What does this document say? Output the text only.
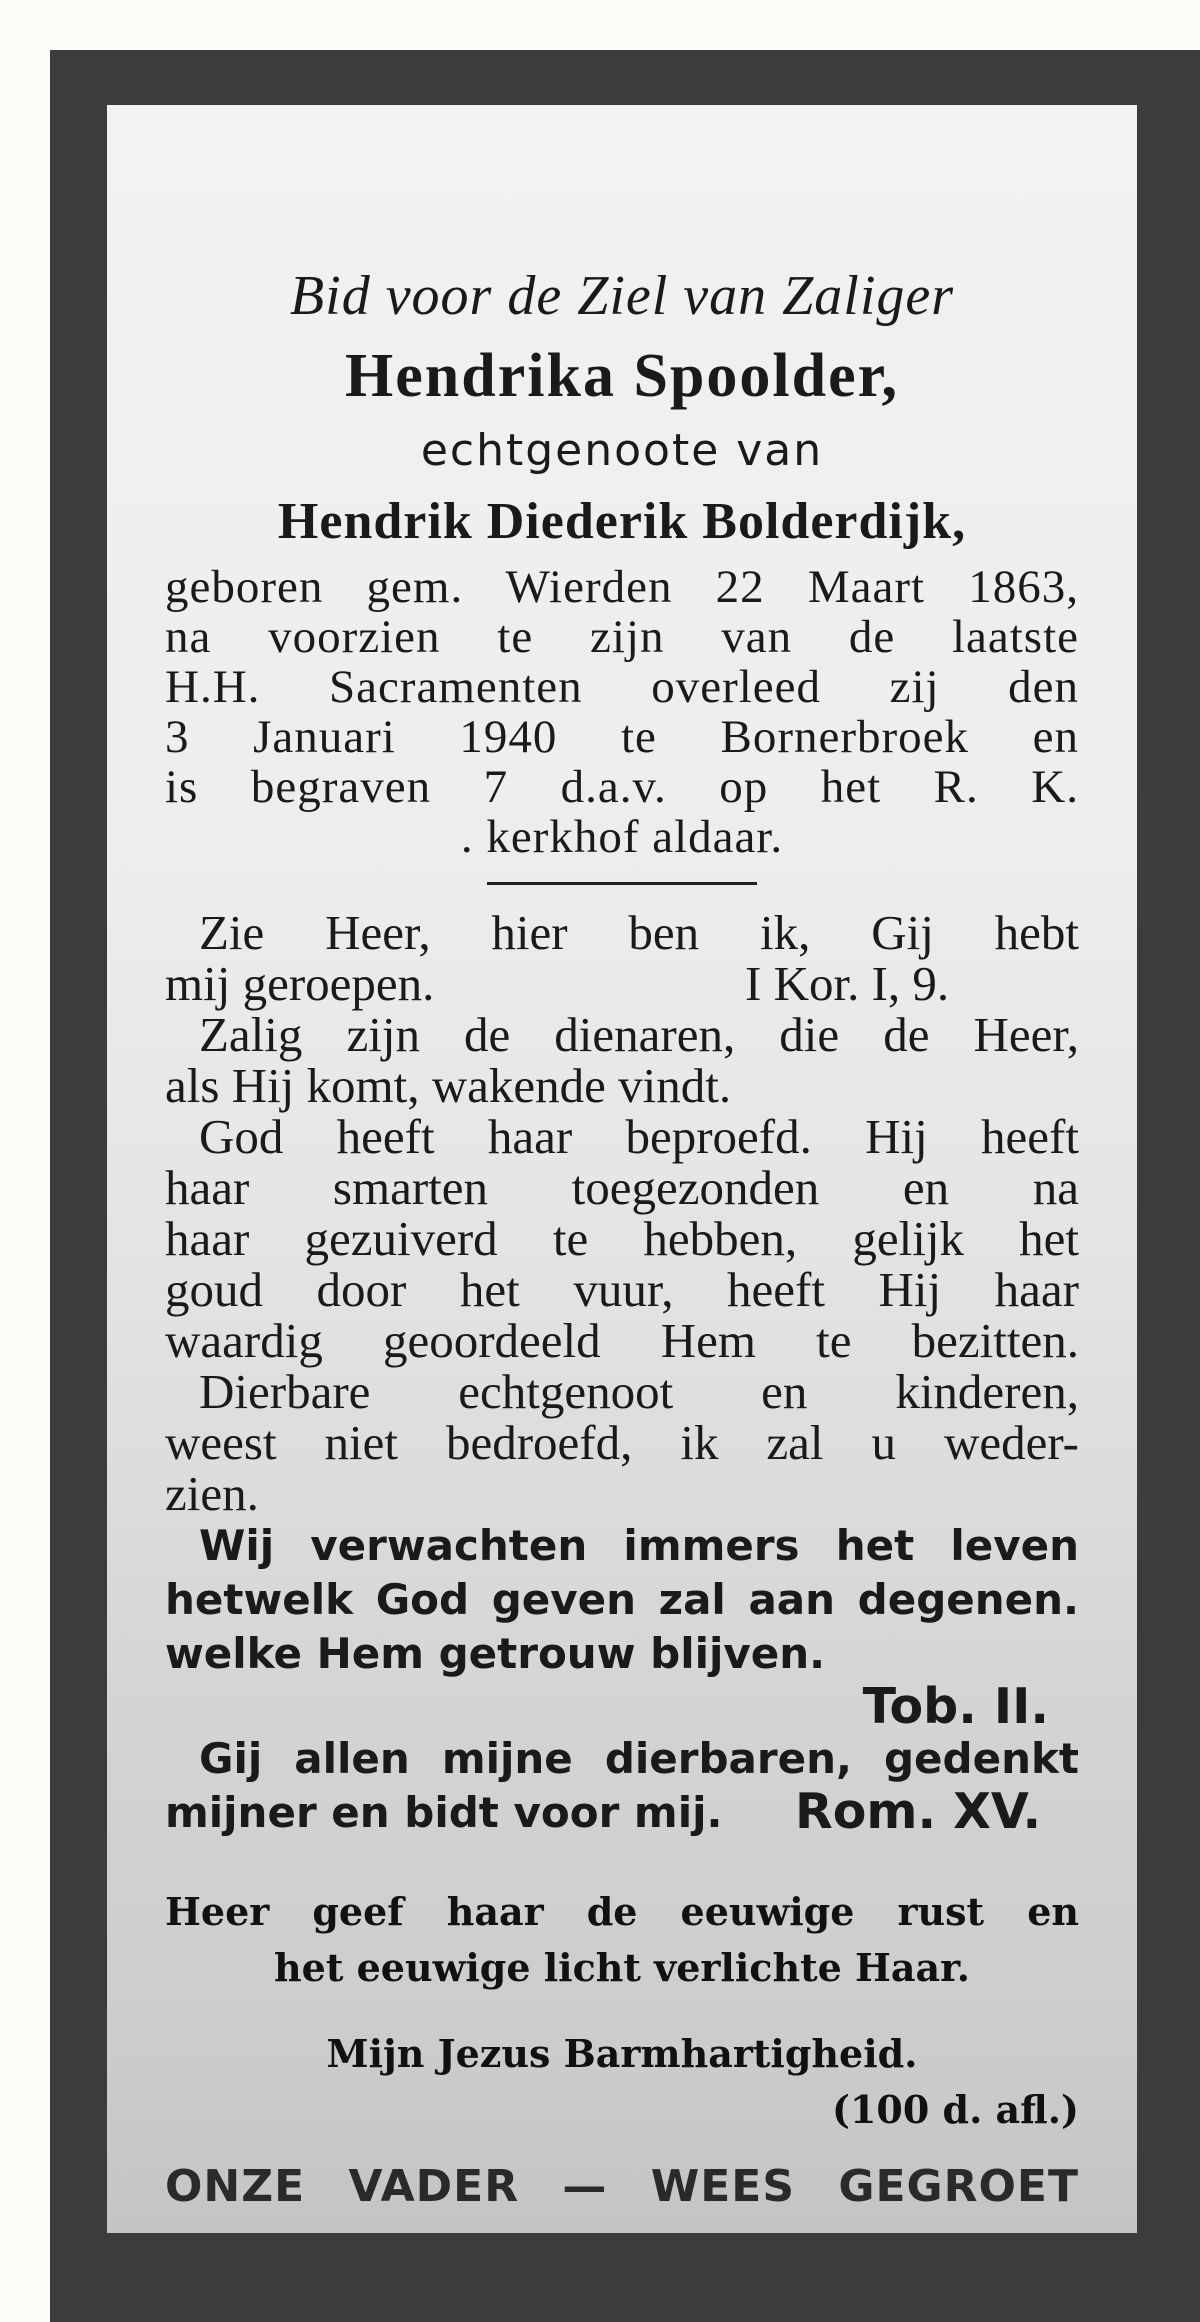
Bid voor de Ziel van Zaliger
Hendrika Spoolder,
echtgenoote van
Hendrik Diederik Bolderdijk,
geboren gem. Wierden 22 Maart 1863,
na voorzien te zijn van de laatste
H.H. Sacramenten overleed zij den
3 Januari 1940 te Bornerbroek en
is begraven 7 d.a.v. op het R. K.
. kerkhof aldaar.
Zie Heer, hier ben ik, Gij hebt
mij geroepen.	I Kor. I, 9.
Zalig zijn de dienaren, die de Heer,
als Hij komt, wakende vindt.
God heeft haar beproefd. Hij heeft
haar smarten toegezonden en na
haar gezuiverd te hebben, gelijk het
goud door het vuur, heeft Hij haar
waardig geoordeeld Hem te bezitten.
Dierbare echtgenoot en kinderen,
weest niet bedroefd, ik zal u weder-
zien.
Wij verwachten immers het leven
hetwelk God geven zal aan degenen.
welke Hem getrouw blijven.
Tob. II.
Gij allen mijne dierbaren, gedenkt
mijner en bidt voor mij. Rom. XV.
Heer geef haar de eeuwige rust en
het eeuwige licht verlichte Haar.
Mijn Jezus Barmhartigheid.
(100 d. afl.)
ONZE VADER — WEES GEGROET
